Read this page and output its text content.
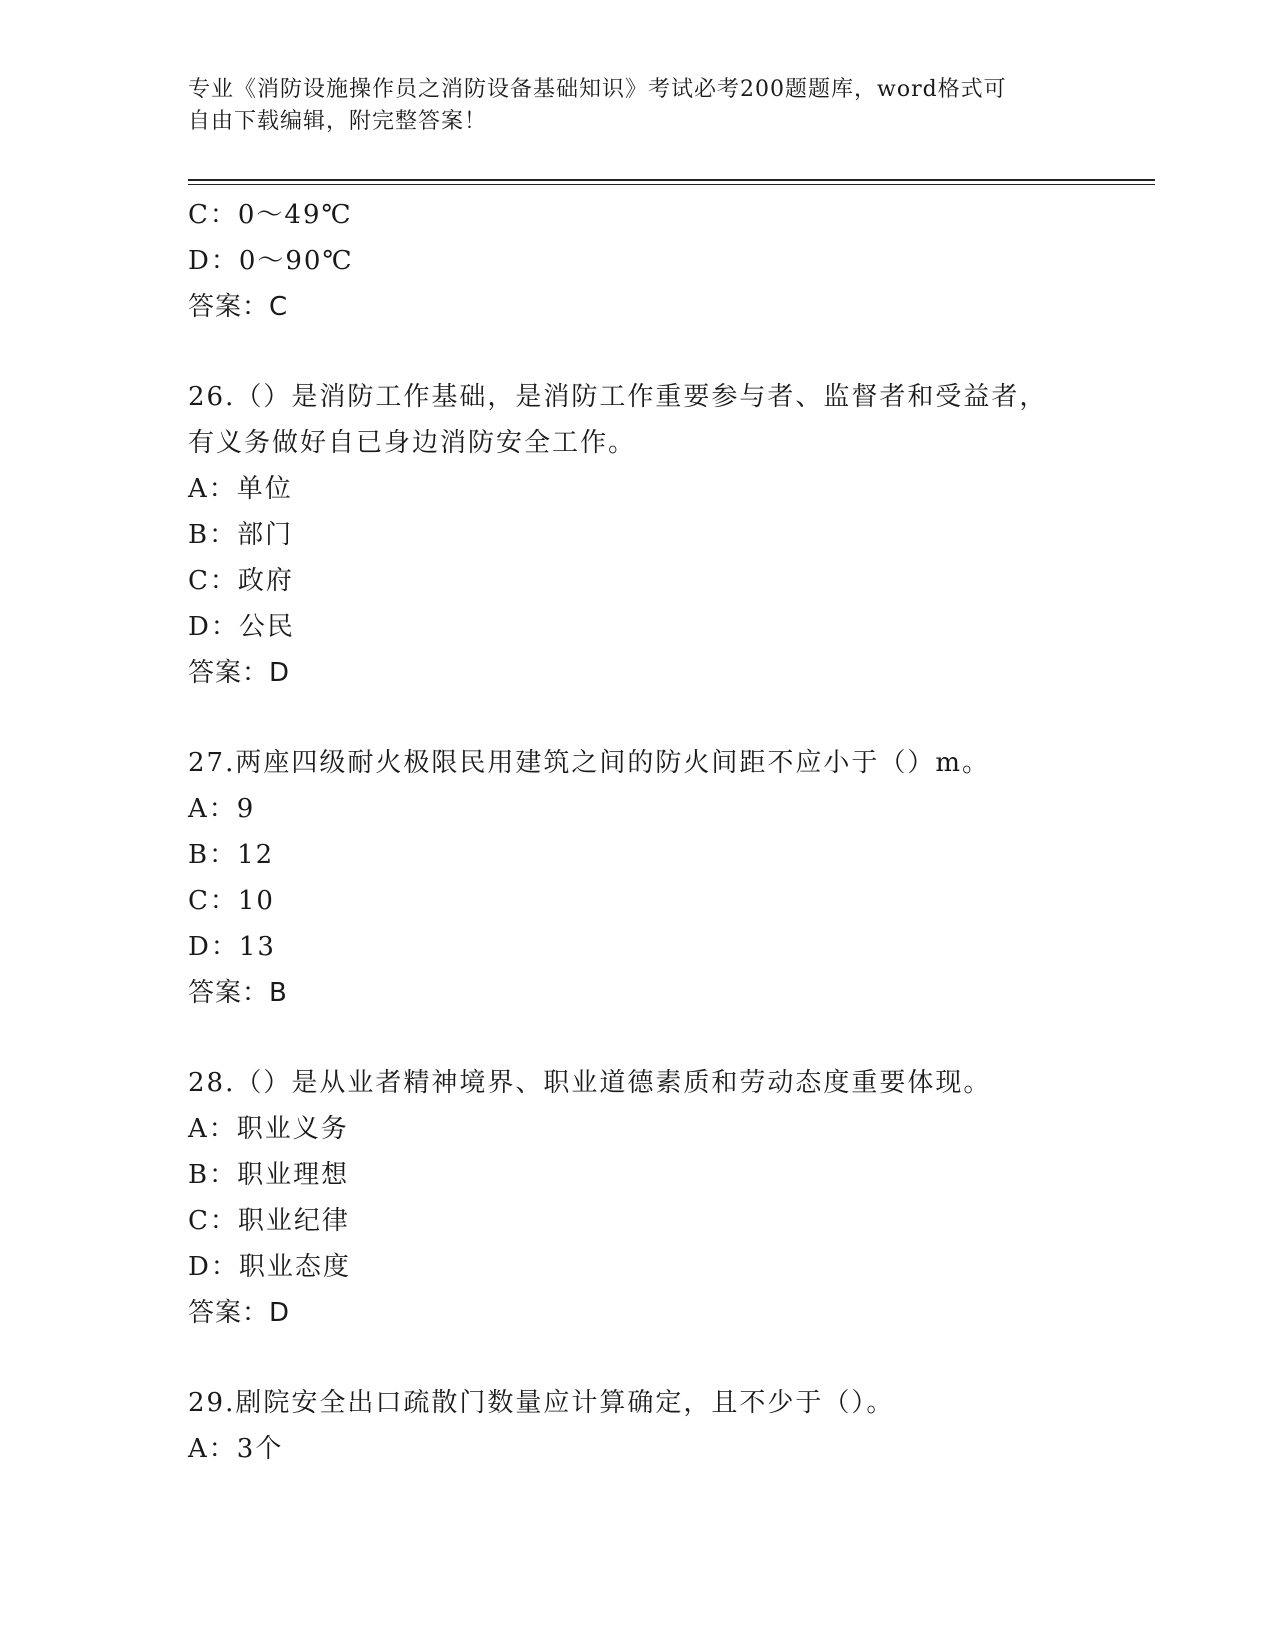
专业《消防设施操作员之消防设备基础知识》考试必考200题题库，word格式可
自由下载编辑，附完整答案！
C：0～49℃
D：0～90℃
答案：C
26.（）是消防工作基础，是消防工作重要参与者、监督者和受益者，
有义务做好自已身边消防安全工作。
A：单位
B：部门
C：政府
D：公民
答案：D
27.两座四级耐火极限民用建筑之间的防火间距不应小于（）m。
A：9
B：12
C：10
D：13
答案：B
28.（）是从业者精神境界、职业道德素质和劳动态度重要体现。
A：职业义务
B：职业理想
C：职业纪律
D：职业态度
答案：D
29.剧院安全出口疏散门数量应计算确定，且不少于（）。
A：3个
